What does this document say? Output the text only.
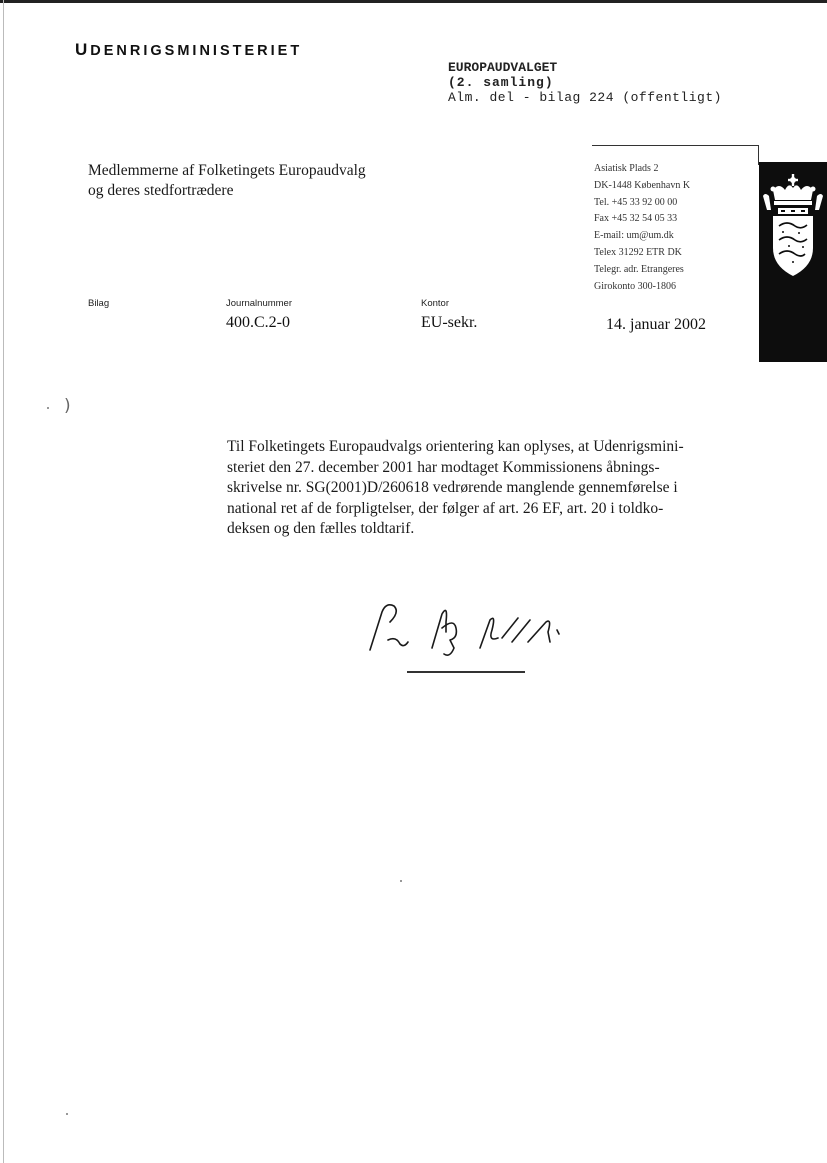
UDENRIGSMINISTERIET
EUROPAUDVALGET
(2. samling)
Alm. del - bilag 224 (offentligt)
Medlemmerne af Folketingets Europaudvalg
og deres stedfortrædere
Asiatisk Plads 2
DK-1448 København K
Tel. +45 33 92 00 00
Fax +45 32 54 05 33
E-mail: um@um.dk
Telex 31292 ETR DK
Telegr. adr. Etrangeres
Girokonto 300-1806
Bilag	Journalnummer
400.C.2-0
Kontor
EU-sekr.	14. januar 2002
)
Til Folketingets Europaudvalgs orientering kan oplyses, at Udenrigsmini-
steriet den 27. december 2001 har modtaget Kommissionens åbnings-
skrivelse nr. SG(2001)D/260618 vedrørende manglende gennemførelse i
national ret af de forpligtelser, der følger af art. 26 EF, art. 20 i toldko-
deksen og den fælles toldtarif.
